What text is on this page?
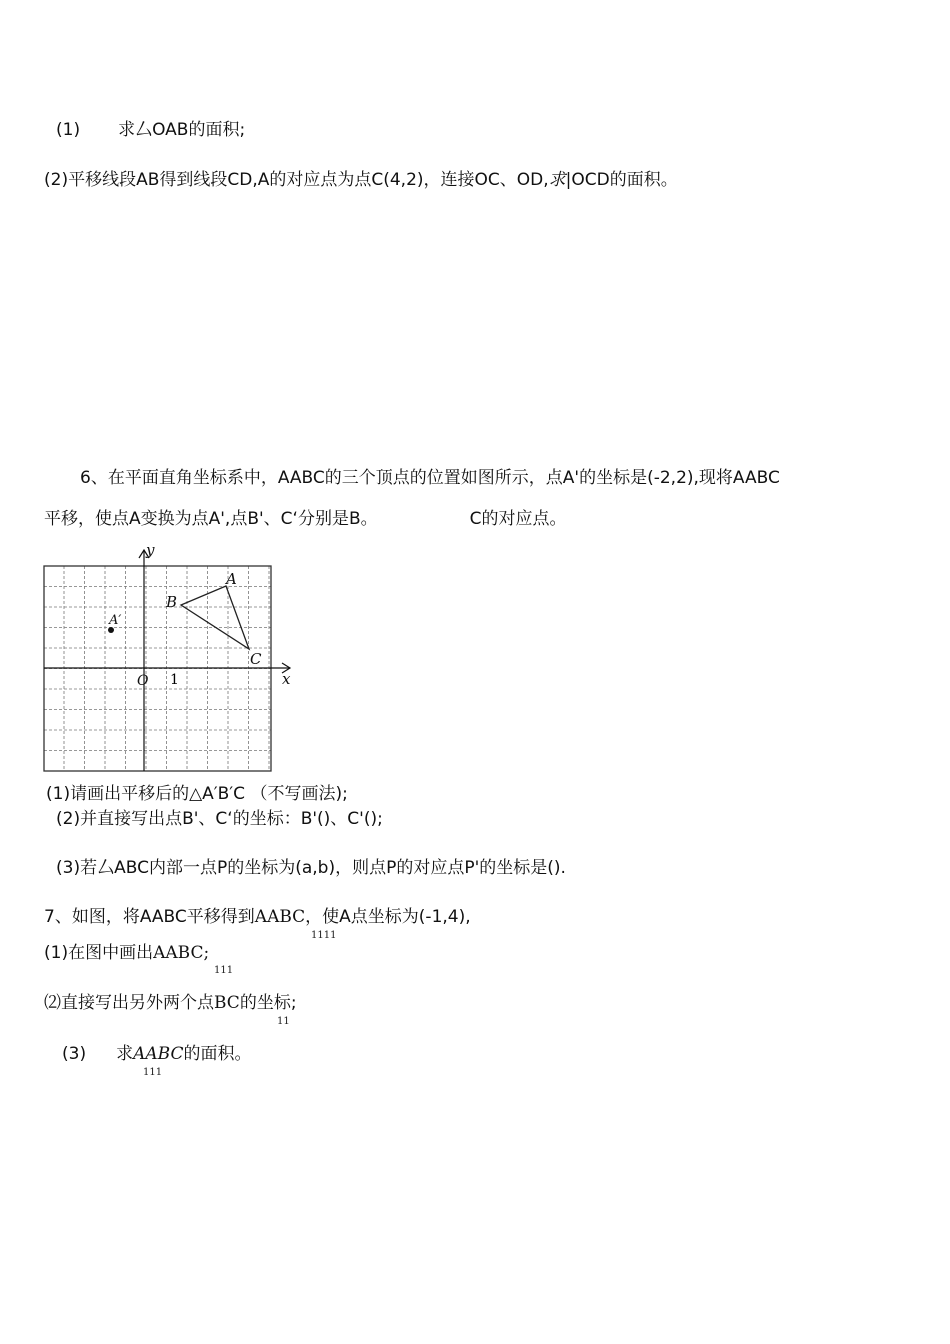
(1) 求厶OAB的面积;
(2)平移线段AB得到线段CD,A的对应点为点C(4,2)，连接OC、OD,求|OCD的面积。
6、在平面直角坐标系中，AABC的三个顶点的位置如图所示，点A'的坐标是(-2,2),现将AABC
平移，使点A变换为点A',点B'、C‘分别是B。	C的对应点。
y
x
O 1
A
B
C
A′
(1)请画出平移后的△A′B′C （不写画法);
(2)并直接写出点B'、C‘的坐标：B'()、C'();
(3)若厶ABC内部一点P的坐标为(a,b)，则点P的对应点P'的坐标是().
7、如图，将AABC平移得到AABC，使A点坐标为(-1,4),
1111
(1)在图中画出AABC;
111
⑵直接写出另外两个点BC的坐标;
11
(3) 求AABC的面积。
111
